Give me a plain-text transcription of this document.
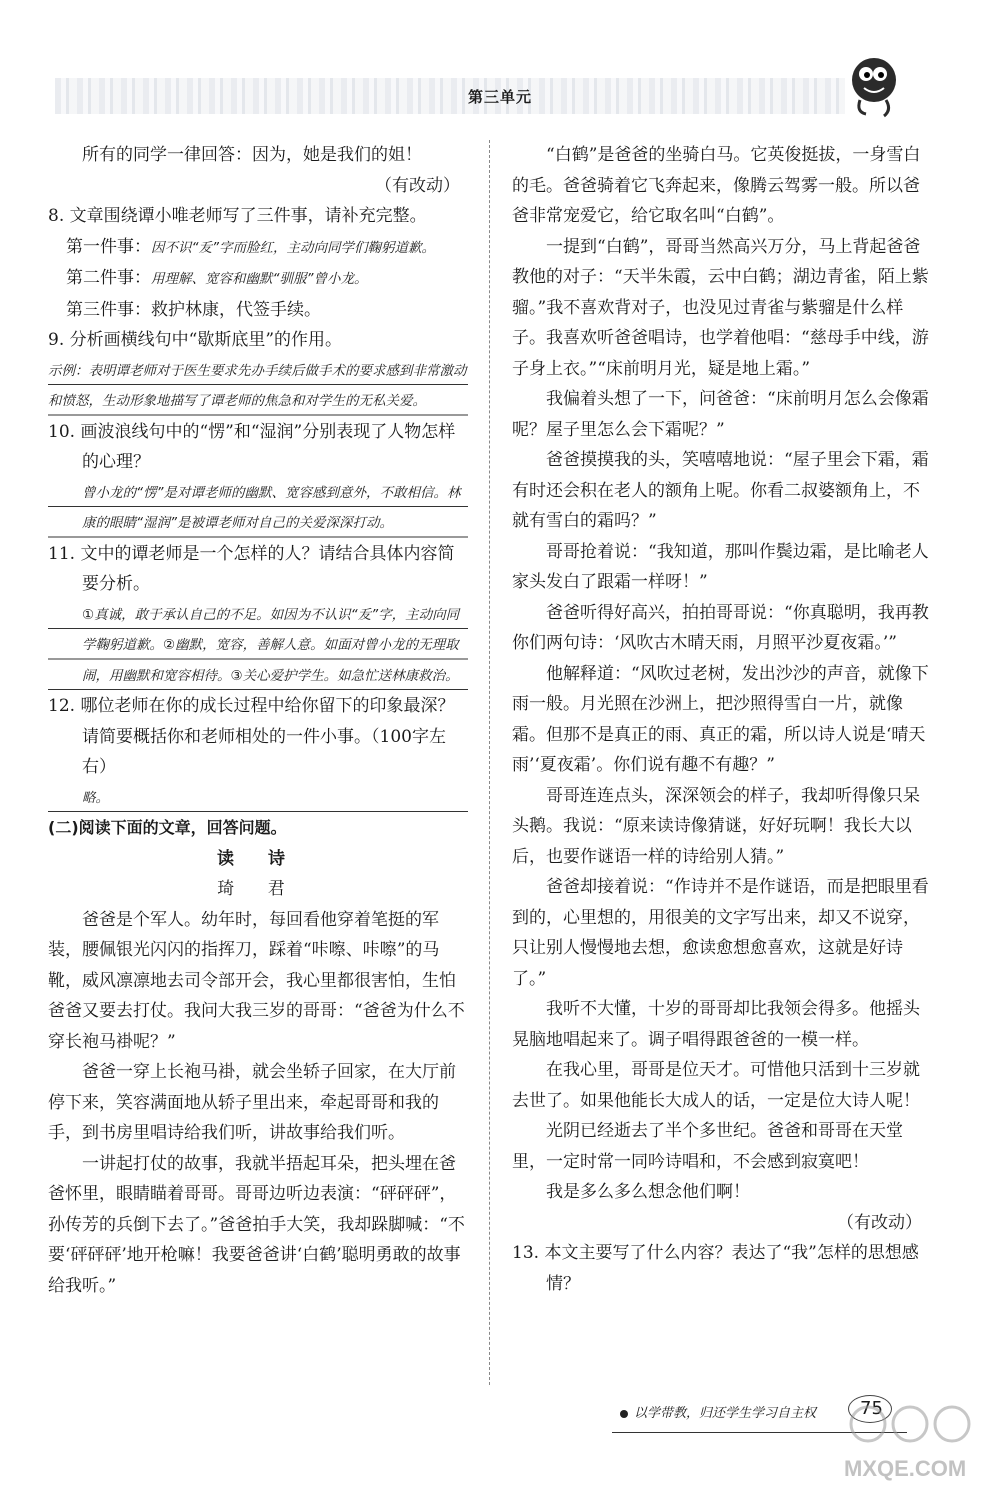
第三单元

所有的同学一律回答：因为，她是我们的姐！

（有改动）

8. 文章围绕谭小唯老师写了三件事，请补充完整。

第一件事：因不识“叐”字而脸红，主动向同学们鞠躬道歉。

第二件事：用理解、宽容和幽默“驯服”曾小龙。

第三件事：救护林康，代签手续。

9. 分析画横线句中“歇斯底里”的作用。

示例：表明谭老师对于医生要求先办手续后做手术的要求感到非常激动和愤怒，生动形象地描写了谭老师的焦急和对学生的无私关爱。

10. 画波浪线句中的“愣”和“湿润”分别表现了人物怎样的心理？

曾小龙的“愣”是对谭老师的幽默、宽容感到意外，不敢相信。林康的眼睛“湿润”是被谭老师对自己的关爱深深打动。

11. 文中的谭老师是一个怎样的人？请结合具体内容简要分析。

①真诚，敢于承认自己的不足。如因为不认识“叐”字，主动向同学鞠躬道歉。②幽默，宽容，善解人意。如面对曾小龙的无理取闹，用幽默和宽容相待。③关心爱护学生。如急忙送林康救治。

12. 哪位老师在你的成长过程中给你留下的印象最深？请简要概括你和老师相处的一件小事。（100字左右）

略。

(二)阅读下面的文章，回答问题。

读 诗

琦 君

爸爸是个军人。幼年时，每回看他穿着笔挺的军装，腰佩银光闪闪的指挥刀，踩着“咔嚓、咔嚓”的马靴，威风凛凛地去司令部开会，我心里都很害怕，生怕爸爸又要去打仗。我问大我三岁的哥哥：“爸爸为什么不穿长袍马褂呢？”

爸爸一穿上长袍马褂，就会坐轿子回家，在大厅前停下来，笑容满面地从轿子里出来，牵起哥哥和我的手，到书房里唱诗给我们听，讲故事给我们听。

一讲起打仗的故事，我就半捂起耳朵，把头埋在爸爸怀里，眼睛瞄着哥哥。哥哥边听边表演：“砰砰砰”，孙传芳的兵倒下去了。”爸爸拍手大笑，我却跺脚喊：“不要‘砰砰砰’地开枪嘛！我要爸爸讲‘白鹤’聪明勇敢的故事给我听。”

“白鹤”是爸爸的坐骑白马。它英俊挺拔，一身雪白的毛。爸爸骑着它飞奔起来，像腾云驾雾一般。所以爸爸非常宠爱它，给它取名叫“白鹤”。

一提到“白鹤”，哥哥当然高兴万分，马上背起爸爸教他的对子：“天半朱霞，云中白鹤；湖边青雀，陌上紫骝。”我不喜欢背对子，也没见过青雀与紫骝是什么样子。我喜欢听爸爸唱诗，也学着他唱：“慈母手中线，游子身上衣。”“床前明月光，疑是地上霜。”

我偏着头想了一下，问爸爸：“床前明月怎么会像霜呢？屋子里怎么会下霜呢？”

爸爸摸摸我的头，笑嘻嘻地说：“屋子里会下霜，霜有时还会积在老人的额角上呢。你看二叔婆额角上，不就有雪白的霜吗？”

哥哥抢着说：“我知道，那叫作鬓边霜，是比喻老人家头发白了跟霜一样呀！”

爸爸听得好高兴，拍拍哥哥说：“你真聪明，我再教你们两句诗：‘风吹古木晴天雨，月照平沙夏夜霜。’”

他解释道：“风吹过老树，发出沙沙的声音，就像下雨一般。月光照在沙洲上，把沙照得雪白一片，就像霜。但那不是真正的雨、真正的霜，所以诗人说是‘晴天雨’‘夏夜霜’。你们说有趣不有趣？”

哥哥连连点头，深深领会的样子，我却听得像只呆头鹅。我说：“原来读诗像猜谜，好好玩啊！我长大以后，也要作谜语一样的诗给别人猜。”

爸爸却接着说：“作诗并不是作谜语，而是把眼里看到的，心里想的，用很美的文字写出来，却又不说穿，只让别人慢慢地去想，愈读愈想愈喜欢，这就是好诗了。”

我听不大懂，十岁的哥哥却比我领会得多。他摇头晃脑地唱起来了。调子唱得跟爸爸的一模一样。

在我心里，哥哥是位天才。可惜他只活到十三岁就去世了。如果他能长大成人的话，一定是位大诗人呢！

光阴已经逝去了半个多世纪。爸爸和哥哥在天堂里，一定时常一同吟诗唱和，不会感到寂寞吧！

我是多么多么想念他们啊！

（有改动）

13. 本文主要写了什么内容？表达了“我”怎样的思想感情？

以学带教，归还学生学习自主权 75
MXQE.COM
